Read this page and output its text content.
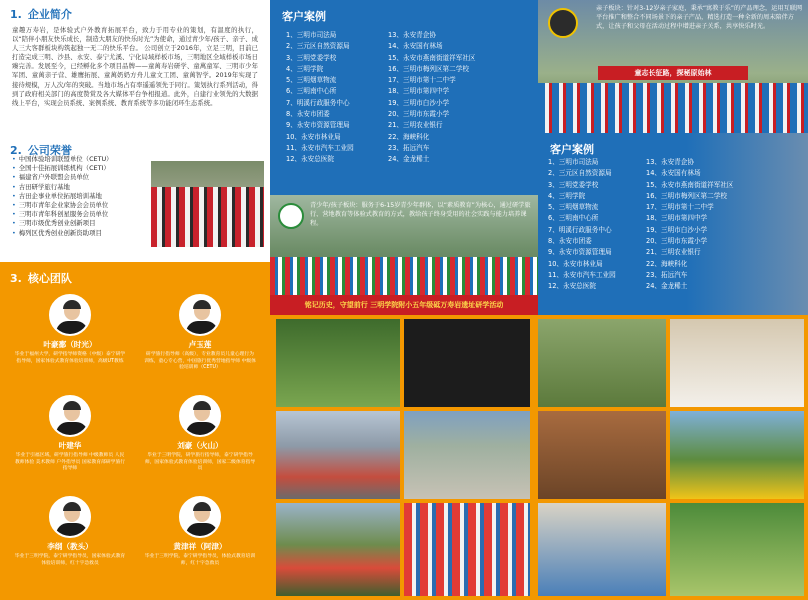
1. 企业简介
童趣万寿岩，是体验式户外教育拓展平台，致力于用专业的策划，有温度的执行，以“陪伴小朋友快乐成长，制造大朋友的快乐时光”为使命，通过青少年/孩子、亲子、成人三大客群板块构筑起独一无二的快乐平台。 公司创立于2016年，立足三明，目前已打造完成三明、沙县、永安、泰宁尤溪、宁化局域样板市场，三明地区全域样板市场日臻完善。发展至今，已经孵化多个项目品牌——童萬寿岩研学、童萬童军、三明市少年军团、童萬亲子营、雄鹰拓展、童萬奶奶方舟儿童文工团、童萬智学。2019年实现了接待规模，万人次/年的突破。当地市场占有率遥遥领先于同行。策划执行系列活动，得到了政府相关部门的高度赞赏及各大媒体平台争相报道。此外，自建行业领先的大数据线上平台，实现会员系统、案例系统、教育系统等多功能闭环生态系统。
2. 公司荣誉
• 中国体验培训联盟单位（CETU）
• 全国十佳拓展训练机构（CETI）
• 福建省户外联盟会员单位
• 古田研学旅行基地
• 古田企事业单位拓展培训基地
• 三明市青年企业家协会会员单位
• 三明市青年科创星服务会员单位
• 三明市级优秀创业创新项目
• 梅列区优秀创业创新资助项目
3. 核心团队
叶豪鄱（时光）
毕业于福州大学，研学指导师资格（中级）泰宁研学指导师，国家体验式教育体验培训师，高级UT教练
卢玉莲
研学旅行指导师（高级），专业教育员儿童心理行为训练，童心专心营，中国旅行优秀营地指导师 中级体验培训师（CETU）
叶建华
毕业于引福区域，研学旅行指导师 中级教师员 人民教师体验 美术教师 户外指导员 国家教育部研学旅行指导师
刘豪（火山）
毕业于三明学院，研学旅行指导师，泰宁研学指导师，国家体验式教育体验培训师，国家二级体育指导员
李纲（教头）
毕业于三明学院，泰宁研学指导员，国家体验式教育体验培训师，红十字急救员
黄津祥（阿津）
毕业于三明学院，泰宁研学指导员，体验式教育培训师，红十字急救员
客户案例
1、三明市司法局
2、三元区自然资源局
3、三明党委学校
4、三明学院
5、三明烟草物流
6、三明南中心所
7、明溪行政服务中心
8、永安市团委
9、永安市资源管理局
10、永安市林业局
11、永安市汽车工业园
12、永安总医院
13、永安青企协
14、永安国有林场
15、永安市燕南街道祥军社区
16、三明市梅列区第二学校
17、三明市第十二中学
18、三明市第四中学
19、三明市白沙小学
20、三明市东霞小学
21、三明农业银行
22、海峡科化
23、拓远汽车
24、金龙稀土
铭记历史，守望前行 三明学院附小五年级砥万寿岩遗址研学活动
青少年/孩子板块：服务于6-15岁青少年群体，以“素质教育”为核心，通过研学旅行、营地教育等体验式教育的方式，教给孩子终身受用的社会实践与能力培养课程。
亲子板块：针对3-12岁亲子家庭，秉承“寓教于乐”的产品理念，运用互联网平台推广和整合不同场景下的亲子产品，精选打造一种全新的周末陪伴方式，让孩子和父母在活动过程中增进亲子关系，共享快乐时光。
童志长征路，探秘原始林
客户案例
1、三明市司法局
2、三元区自然资源局
3、三明党委学校
4、三明学院
5、三明烟草物流
6、三明南中心所
7、明溪行政服务中心
8、永安市团委
9、永安市资源管理局
10、永安市林业局
11、永安市汽车工业园
12、永安总医院
13、永安青企协
14、永安国有林场
15、永安市燕南街道祥军社区
16、三明市梅列区第二学校
17、三明市第十二中学
18、三明市第四中学
19、三明市白沙小学
20、三明市东霞小学
21、三明农业银行
22、海峡科化
23、拓远汽车
24、金龙稀土
